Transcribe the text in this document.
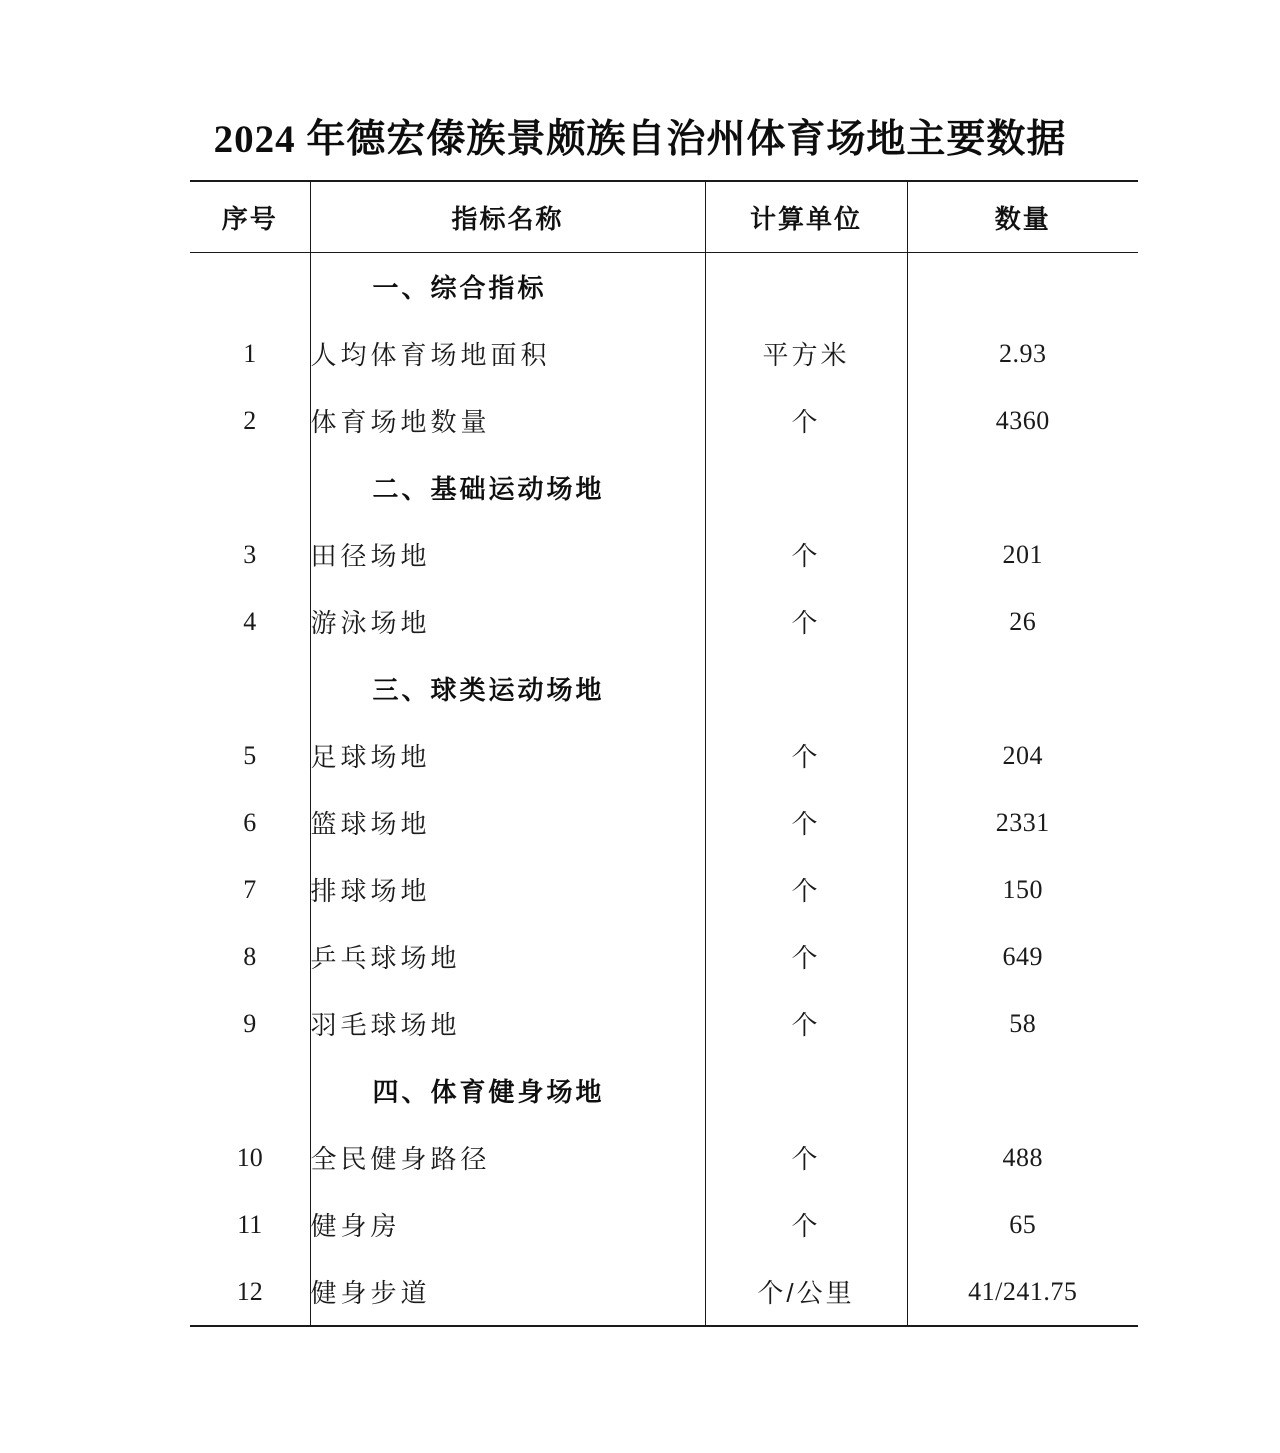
2024 年德宏傣族景颇族自治州体育场地主要数据
序号	指标名称	计算单位	数量
	一、综合指标		
1	人均体育场地面积	平方米	2.93
2	体育场地数量	个	4360
	二、基础运动场地		
3	田径场地	个	201
4	游泳场地	个	26
	三、球类运动场地		
5	足球场地	个	204
6	篮球场地	个	2331
7	排球场地	个	150
8	乒乓球场地	个	649
9	羽毛球场地	个	58
	四、体育健身场地		
10	全民健身路径	个	488
11	健身房	个	65
12	健身步道	个/公里	41/241.75
